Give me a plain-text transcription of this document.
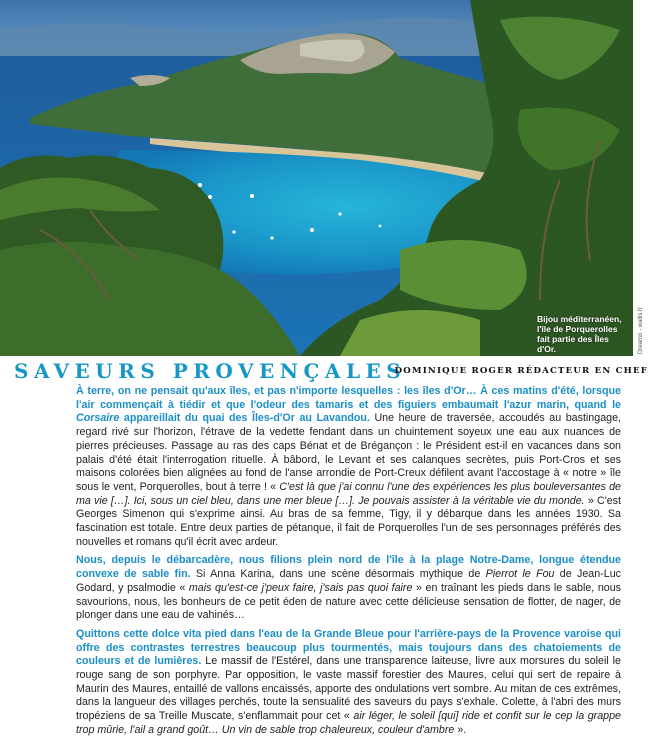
Bijou méditerranéen, l'île de Porquerolles fait partie des Îles d'Or.	Dreamo - wallis.fr
SAVEURS PROVENÇALES
DOMINIQUE ROGER RÉDACTEUR EN CHEF

À terre, on ne pensait qu'aux îles, et pas n'importe lesquelles : les îles d'Or… À ces matins d'été, lorsque l'air commençait à tiédir et que l'odeur des tamaris et des figuiers embaumait l'azur marin, quand le Corsaire appareillait du quai des Îles-d'Or au Lavandou. Une heure de traversée, accoudés au bastingage, regard rivé sur l'horizon, l'étrave de la vedette fendant dans un chuintement soyeux une eau aux nuances de pierres précieuses. Passage au ras des caps Bénat et de Brégançon : le Président est-il en vacances dans son palais d'été était l'interrogation rituelle. À bâbord, le Levant et ses calanques secrètes, puis Port-Cros et ses maisons colorées bien alignées au fond de l'anse arrondie de Port-Creux défilent avant l'accostage à « notre » île sous le vent, Porquerolles, bout à terre ! « C'est là que j'ai connu l'une des expériences les plus bouleversantes de ma vie […]. Ici, sous un ciel bleu, dans une mer bleue […]. Je pouvais assister à la véritable vie du monde. » C'est Georges Simenon qui s'exprime ainsi. Au bras de sa femme, Tigy, il y débarque dans les années 1930. Sa fascination est totale. Entre deux parties de pétanque, il fait de Porquerolles l'un de ses personnages préférés des nouvelles et romans qu'il écrit avec ardeur.

Nous, depuis le débarcadère, nous filions plein nord de l'île à la plage Notre-Dame, longue étendue convexe de sable fin. Si Anna Karina, dans une scène désormais mythique de Pierrot le Fou de Jean-Luc Godard, y psalmodie « mais qu'est-ce j'peux faire, j'sais pas quoi faire » en traînant les pieds dans le sable, nous savourions, nous, les bonheurs de ce petit éden de nature avec cette délicieuse sensation de flotter, de nager, de plonger dans une eau de vahinés…

Quittons cette dolce vita pied dans l'eau de la Grande Bleue pour l'arrière-pays de la Provence varoise qui offre des contrastes terrestres beaucoup plus tourmentés, mais toujours dans des chatoiements de couleurs et de lumières. Le massif de l'Estérel, dans une transparence laiteuse, livre aux morsures du soleil le rouge sang de son porphyre. Par opposition, le vaste massif forestier des Maures, celui qui sert de repaire à Maurin des Maures, entaillé de vallons encaissés, apporte des ondulations vert sombre. Au mitan de ces extrêmes, dans la langueur des villages perchés, toute la sensualité des saveurs du pays s'exhale. Colette, à l'abri des murs tropéziens de sa Treille Muscate, s'enflammait pour cet « air léger, le soleil [qui] ride et confit sur le cep la grappe trop mûrie, l'ail a grand goût… Un vin de sable trop chaleureux, couleur d'ambre ».
